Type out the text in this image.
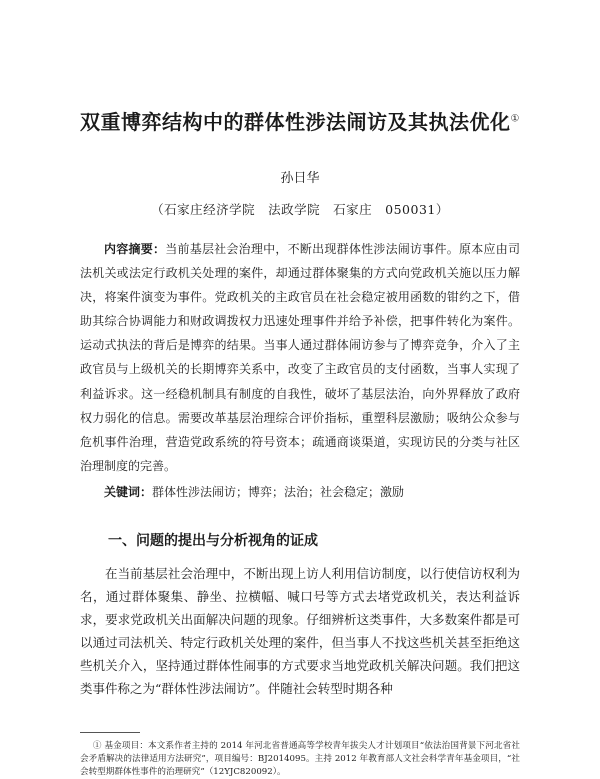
双重博弈结构中的群体性涉法闹访及其执法优化①
孙日华
（石家庄经济学院　法政学院　石家庄　050031）
内容摘要：当前基层社会治理中，不断出现群体性涉法闹访事件。原本应由司法机关或法定行政机关处理的案件，却通过群体聚集的方式向党政机关施以压力解决，将案件演变为事件。党政机关的主政官员在社会稳定被用函数的钳约之下，借助其综合协调能力和财政调拨权力迅速处理事件并给予补偿，把事件转化为案件。运动式执法的背后是博弈的结果。当事人通过群体闹访参与了博弈竞争，介入了主政官员与上级机关的长期博弈关系中，改变了主政官员的支付函数，当事人实现了利益诉求。这一经稳机制具有制度的自我性，破坏了基层法治，向外界释放了政府权力弱化的信息。需要改革基层治理综合评价指标，重塑科层激励；吸纳公众参与危机事件治理，营造党政系统的符号资本；疏通商谈渠道，实现访民的分类与社区治理制度的完善。
关键词：群体性涉法闹访；博弈；法治；社会稳定；激励
一、问题的提出与分析视角的证成
在当前基层社会治理中，不断出现上访人利用信访制度，以行使信访权利为名，通过群体聚集、静坐、拉横幅、喊口号等方式去堵党政机关，表达利益诉求，要求党政机关出面解决问题的现象。仔细辨析这类事件，大多数案件都是可以通过司法机关、特定行政机关处理的案件，但当事人不找这些机关甚至拒绝这些机关介入，坚持通过群体性闹事的方式要求当地党政机关解决问题。我们把这类事件称之为“群体性涉法闹访”。伴随社会转型时期各种
① 基金项目：本文系作者主持的 2014 年河北省普通高等学校青年拔尖人才计划项目“依法治国背景下河北省社会矛盾解决的法律适用方法研究”，项目编号：BJ2014095。主持 2012 年教育部人文社会科学青年基金项目，“社会转型期群体性事件的治理研究”（12YJC820092）。
